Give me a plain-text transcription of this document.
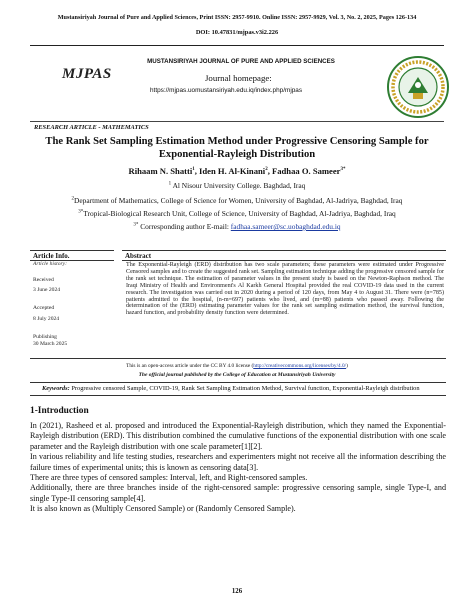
Mustansiriyah Journal of Pure and Applied Sciences, Print ISSN: 2957-9910. Online ISSN: 2957-9929, Vol. 3, No. 2, 2025, Pages 126-134
DOI: 10.47831/mjpas.v3i2.226
MUSTANSIRIYAH JOURNAL OF PURE AND APPLIED SCIENCES
MJPAS	Journal homepage:
https://mjpas.uomustansiriyah.edu.iq/index.php/mjpas
RESEARCH ARTICLE - MATHEMATICS
The Rank Set Sampling Estimation Method under Progressive Censoring Sample for Exponential-Rayleigh Distribution
Rihaam N. Shatti$^1$, Iden H. Al-Kinani$^2$, Fadhaa O. Sameer$^{3*}$
$^1$ Al Nisour University College. Baghdad, Iraq
$^2$Department of Mathematics, College of Science for Women, University of Baghdad, Al-Jadriya, Baghdad, Iraq
$^{3*}$Tropical-Biological Research Unit, College of Science, University of Baghdad, Al-Jadriya, Baghdad, Iraq
$^{3*}$ Corresponding author E-mail: fadhaa.sameer@sc.uobaghdad.edu.iq
Article Info.
Article history:
Received
3 June 2024
Accepted
8 July 2024
Publishing
30 March 2025
Abstract
The Exponential-Rayleigh (ERD) distribution has two scale parameters; these parameters were estimated under Progressive Censored samples and to create the suggested rank set. Sampling estimation technique adding the progressive censored sample for the rank set technique. The estimation of parameter values in the present study is based on the Newton-Raphson method. The Iraqi Ministry of Health and Environment's Al Karkh General Hospital provided the real COVID-19 data used in the current research. The investigation was carried out in 2020 during a period of 120 days, from May 4 to August 31. There were (n=785) patients admitted to the hospital, (n-m=697) patients who lived, and (m=88) patients who passed away. Following the determination of the (ERD) estimating parameter values for the rank set sampling estimation method, the survival function, hazard function, and probability density function were determined.
This is an open-access article under the CC BY 4.0 license (http://creativecommons.org/licenses/by/4.0/)
The official journal published by the College of Education at Mustansiriyah University
Keywords: Progressive censored Sample, COVID-19, Rank Set Sampling Estimation Method, Survival function, Exponential-Rayleigh distribution
1-Introduction

In (2021), Rasheed et al. proposed and introduced the Exponential-Rayleigh distribution, which they named the Exponential-Rayleigh distribution (ERD). This distribution combined the cumulative functions of the exponential distribution with one scale parameter and the Rayleigh distribution with one scale parameter[1][2].

In various reliability and life testing studies, researchers and experimenters might not receive all the information describing the failure times of experimental units; this is known as censoring data[3].

There are three types of censored samples: Interval, left, and Right-censored samples.

Additionally, there are three branches inside of the right-censored sample: progressive censoring sample, single Type-I, and single Type-II censoring sample[4].

It is also known as (Multiply Censored Sample) or (Randomly Censored Sample).

126
